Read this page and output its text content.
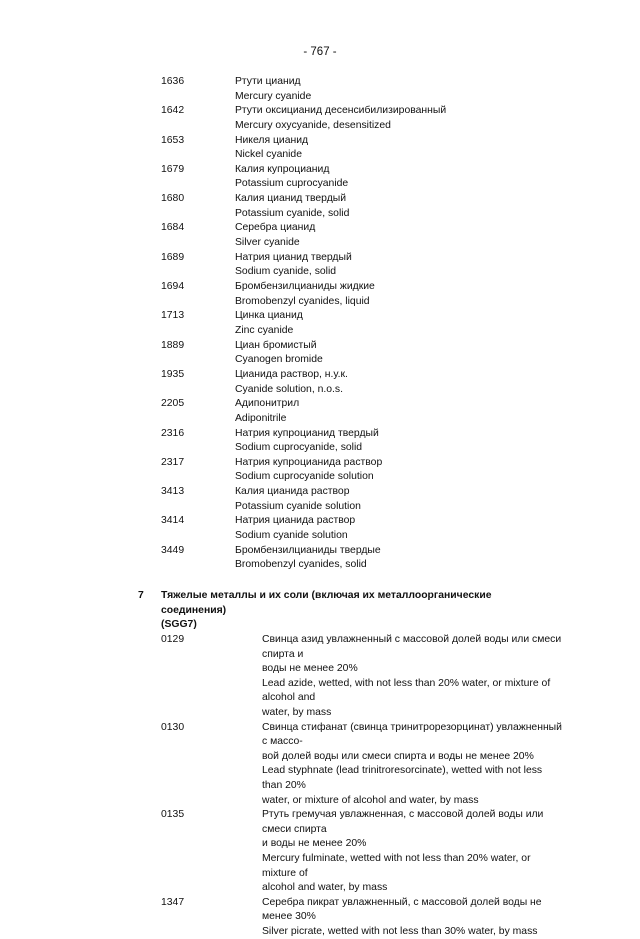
- 767 -
1636	Ртути цианид
Mercury cyanide
1642	Ртути оксицианид десенсибилизированный
Mercury oxycyanide, desensitized
1653	Никеля цианид
Nickel cyanide
1679	Калия купроцианид
Potassium cuprocyanide
1680	Калия цианид твердый
Potassium cyanide, solid
1684	Серебра цианид
Silver cyanide
1689	Натрия цианид твердый
Sodium cyanide, solid
1694	Бромбензилцианиды жидкие
Bromobenzyl cyanides, liquid
1713	Цинка цианид
Zinc cyanide
1889	Циан бромистый
Cyanogen bromide
1935	Цианида раствор, н.у.к.
Cyanide solution, n.o.s.
2205	Адипонитрил
Adiponitrile
2316	Натрия купроцианид твердый
Sodium cuprocyanide, solid
2317	Натрия купроцианида раствор
Sodium cuprocyanide solution
3413	Калия цианида раствор
Potassium cyanide solution
3414	Натрия цианида раствор
Sodium cyanide solution
3449	Бромбензилцианиды твердые
Bromobenzyl cyanides, solid
7 Тяжелые металлы и их соли (включая их металлоорганические соединения)
(SGG7)
0129	Свинца азид увлажненный с массовой долей воды или смеси спирта и
воды не менее 20%
Lead azide, wetted, with not less than 20% water, or mixture of alcohol and
water, by mass
0130	Свинца стифанат (свинца тринитрорезорцинат) увлажненный с массо-
вой долей воды или смеси спирта и воды не менее 20%
Lead styphnate (lead trinitroresorcinate), wetted with not less than 20%
water, or mixture of alcohol and water, by mass
0135	Ртуть гремучая увлажненная, с массовой долей воды или смеси спирта
и воды не менее 20%
Mercury fulminate, wetted with not less than 20% water, or mixture of
alcohol and water, by mass
1347	Серебра пикрат увлажненный, с массовой долей воды не менее 30%
Silver picrate, wetted with not less than 30% water, by mass
